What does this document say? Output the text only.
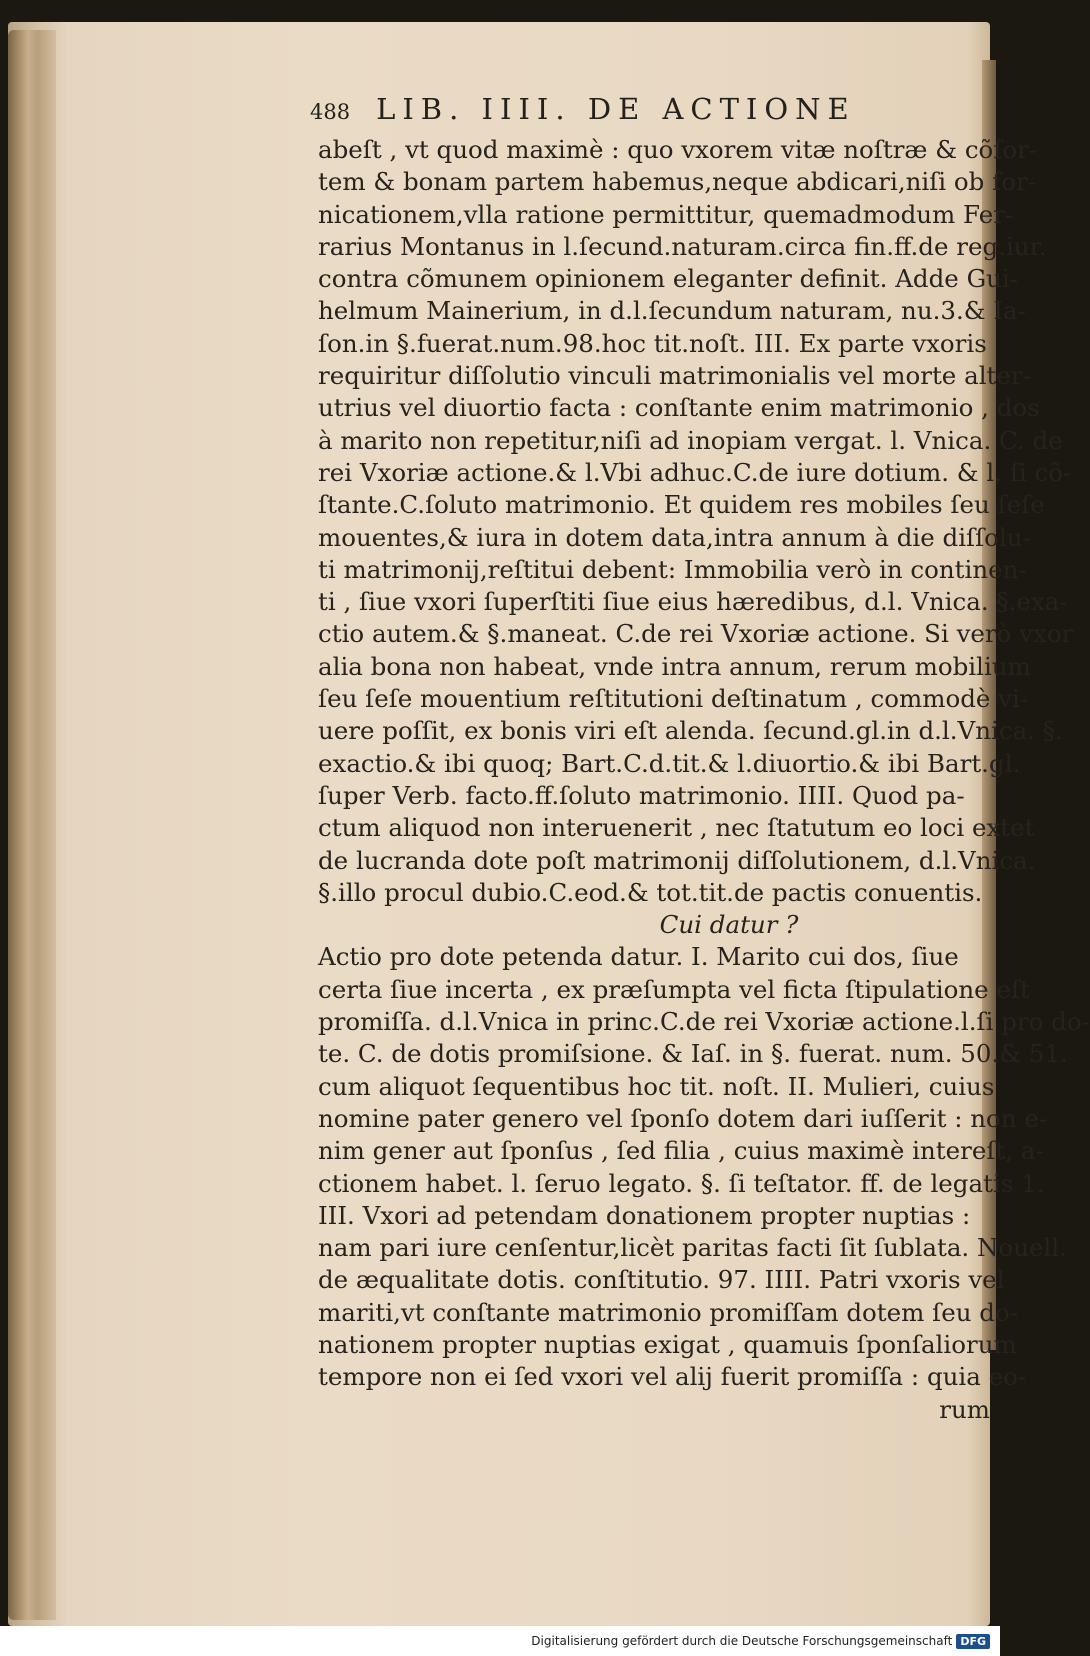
488 LIB. IIII. DE ACTIONE
abeſt , vt quod maximè : quo vxorem vitæ noſtræ & cõſor-
tem & bonam partem habemus,neque abdicari,niſi ob for-
nicationem,vlla ratione permittitur, quemadmodum Fer-
rarius Montanus in l.ſecund.naturam.circa fin.ff.de reg.iur.
contra cõmunem opinionem eleganter definit. Adde Gui-
helmum Mainerium, in d.l.ſecundum naturam, nu.3.& Ia-
ſon.in §.fuerat.num.98.hoc tit.noſt. III. Ex parte vxoris
requiritur diſſolutio vinculi matrimonialis vel morte alter-
utrius vel diuortio facta : conſtante enim matrimonio , dos
à marito non repetitur,niſi ad inopiam vergat. l. Vnica. C. de
rei Vxoriæ actione.& l.Vbi adhuc.C.de iure dotium. & l. ſi cõ-
ſtante.C.ſoluto matrimonio. Et quidem res mobiles ſeu ſeſe
mouentes,& iura in dotem data,intra annum à die diſſolu-
ti matrimonij,reſtitui debent: Immobilia verò in continen-
ti , ſiue vxori ſuperſtiti ſiue eius hæredibus, d.l. Vnica. §.exa-
ctio autem.& §.maneat. C.de rei Vxoriæ actione. Si verò vxor
alia bona non habeat, vnde intra annum, rerum mobilium
ſeu ſeſe mouentium reſtitutioni deſtinatum , commodè vi-
uere poſſit, ex bonis viri eſt alenda. ſecund.gl.in d.l.Vnica. §.
exactio.& ibi quoq; Bart.C.d.tit.& l.diuortio.& ibi Bart.gl.
ſuper Verb. facto.ff.ſoluto matrimonio. IIII. Quod pa-
ctum aliquod non interuenerit , nec ſtatutum eo loci extet
de lucranda dote poſt matrimonij diſſolutionem, d.l.Vnica.
§.illo procul dubio.C.eod.& tot.tit.de pactis conuentis.
Cui datur ?
Actio pro dote petenda datur. I. Marito cui dos, ſiue
certa ſiue incerta , ex præſumpta vel ficta ſtipulatione eſt
promiſſa. d.l.Vnica in princ.C.de rei Vxoriæ actione.l.ſi pro do-
te. C. de dotis promiſsione. & Iaſ. in §. fuerat. num. 50.& 51.
cum aliquot ſequentibus hoc tit. noſt. II. Mulieri, cuius
nomine pater genero vel ſponſo dotem dari iuſſerit : non e-
nim gener aut ſponſus , ſed filia , cuius maximè intereſt, a-
ctionem habet. l. ſeruo legato. §. ſi teſtator. ff. de legatis 1.
III. Vxori ad petendam donationem propter nuptias :
nam pari iure cenſentur,licèt paritas facti ſit ſublata. Nouell.
de æqualitate dotis. conſtitutio. 97. IIII. Patri vxoris vel
mariti,vt conſtante matrimonio promiſſam dotem ſeu do-
nationem propter nuptias exigat , quamuis ſponſaliorum
tempore non ei ſed vxori vel alij fuerit promiſſa : quia eo-
rum
Digitalisierung gefördert durch die Deutsche Forschungsgemeinschaft DFG
